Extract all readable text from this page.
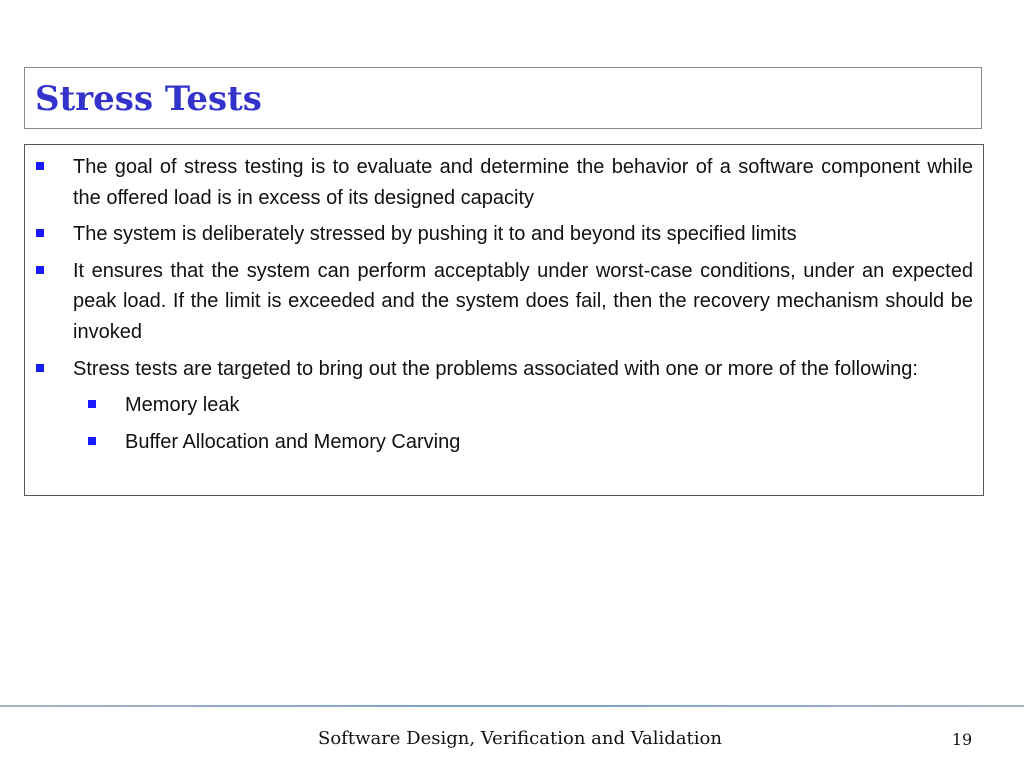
Stress Tests
The goal of stress testing is to evaluate and determine the behavior of a software component while the offered load is in excess of its designed capacity
The system is deliberately stressed by pushing it to and beyond its specified limits
It ensures that the system can perform acceptably under worst-case conditions, under an expected peak load. If the limit is exceeded and the system does fail, then the recovery mechanism should be invoked
Stress tests are targeted to bring out the problems associated with one or more of the following:
Memory leak
Buffer Allocation and Memory Carving
Software Design, Verification and Validation	19
